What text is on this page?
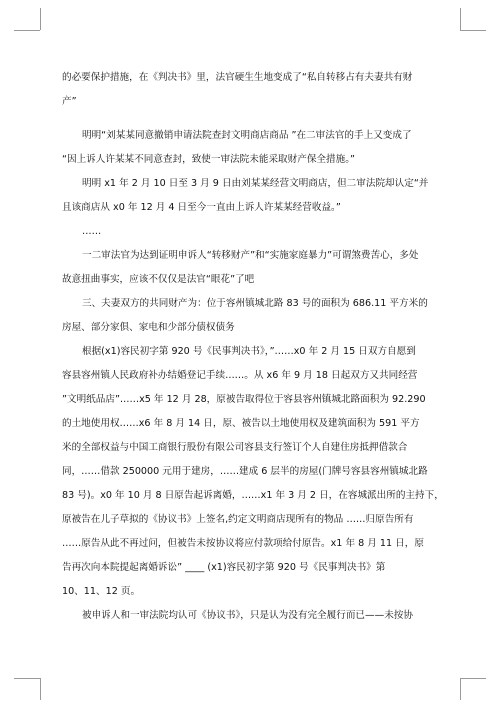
的必要保护措施，在《判决书》里，法官硬生生地变成了“私自转移占有夫妻共有财
产”
明明“刘某某同意撤销申请法院查封文明商店商品 ”在二审法官的手上又变成了
“因上诉人许某某不同意查封，致使一审法院未能采取财产保全措施。”
明明 x1 年 2 月 10 日至 3 月 9 日由刘某某经营文明商店，但二审法院却认定“并
且该商店从 x0 年 12 月 4 日至今一直由上诉人许某某经营收益。”
……
一二审法官为达到证明申诉人“转移财产”和“实施家庭暴力”可谓煞费苦心，多处
故意扭曲事实，应该不仅仅是法官“眼花”了吧
三、夫妻双方的共同财产为：位于容州镇城北路 83 号的面积为 686.11 平方米的
房屋、部分家俱、家电和少部分债权债务
根据(x1)容民初字第 920 号《民事判决书》，”……x0 年 2 月 15 日双方自愿到
容县容州镇人民政府补办结婚登记手续……。从 x6 年 9 月 18 日起双方又共同经营
”文明纸品店”……x5 年 12 月 28，原被告取得位于容县容州镇城北路面积为 92.290
的土地使用权……x6 年 8 月 14 日，原、被告以土地使用权及建筑面积为 591 平方
米的全部权益与中国工商银行股份有限公司容县支行签订个人自建住房抵押借款合
同，……借款 250000 元用于建房，……建成 6 层半的房屋(门牌号容县容州镇城北路
83 号)。x0 年 10 月 8 日原告起诉离婚，……x1 年 3 月 2 日，在容城派出所的主持下，
原被告在儿子草拟的《协议书》上签名,约定文明商店现所有的物品 ……归原告所有
……原告从此不再过问，但被告未按协议将应付款项给付原告。x1 年 8 月 11 日，原
告再次向本院提起离婚诉讼” ____ (x1)容民初字第 920 号《民事判决书》第
10、11、12 页。
被申诉人和一审法院均认可《协议书》，只是认为没有完全履行而已——未按协
